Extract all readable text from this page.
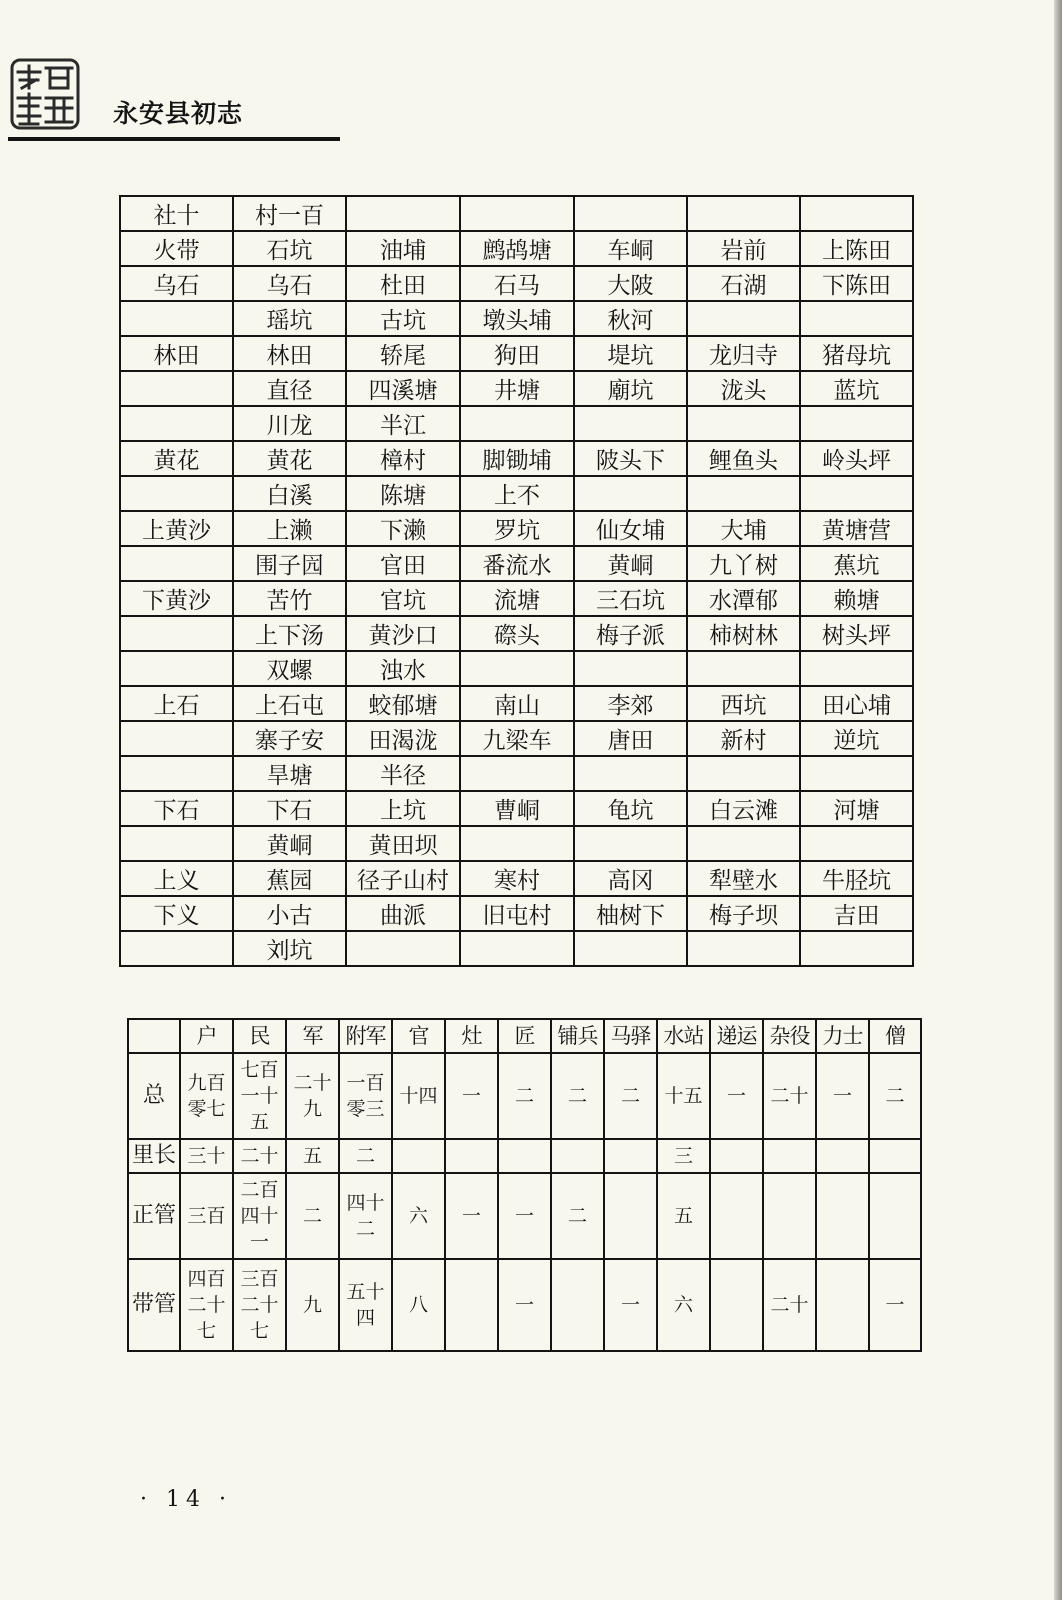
永安县初志
社十	村一百					
火带	石坑	油埔	鹧鸪塘	车峒	岩前	上陈田
乌石	乌石	杜田	石马	大陂	石湖	下陈田
	瑶坑	古坑	墩头埔	秋河		
林田	林田	轿尾	狗田	堤坑	龙归寺	猪母坑
	直径	四溪塘	井塘	廟坑	泷头	蓝坑
	川龙	半江				
黄花	黄花	樟村	脚锄埔	陂头下	鲤鱼头	岭头坪
	白溪	陈塘	上不			
上黄沙	上濑	下濑	罗坑	仙女埔	大埔	黄塘营
	围子囥	官田	番流水	黄峒	九丫树	蕉坑
下黄沙	苦竹	官坑	流塘	三石坑	水潭郁	赖塘
	上下汤	黄沙口	磜头	梅子派	柿树林	树头坪
	双螺	浊水				
上石	上石屯	蛟郁塘	南山	李郊	西坑	田心埔
	寨子安	田渴泷	九梁车	唐田	新村	逆坑
	旱塘	半径				
下石	下石	上坑	曹峒	龟坑	白云滩	河塘
	黄峒	黄田坝				
上义	蕉园	径子山村	寒村	高冈	犁壁水	牛胫坑
下义	小古	曲派	旧屯村	柚树下	梅子坝	吉田
	刘坑					
	户	民	军	附军	官	灶	匠	铺兵	马驿	水站	递运	杂役	力士	僧
总	九百
零七	七百
一十
五	二十九	一百
零三	十四	一	二	二	二	十五	一	二十	一	二
里长	三十	二十	五	二						三				
正管	三百	二百
四十
一	二	四十二	六	一	一	二		五				
带管	四百
二十
七	三百
二十
七	九	五十四	八		一		一	六		二十		一
· 14 ·
